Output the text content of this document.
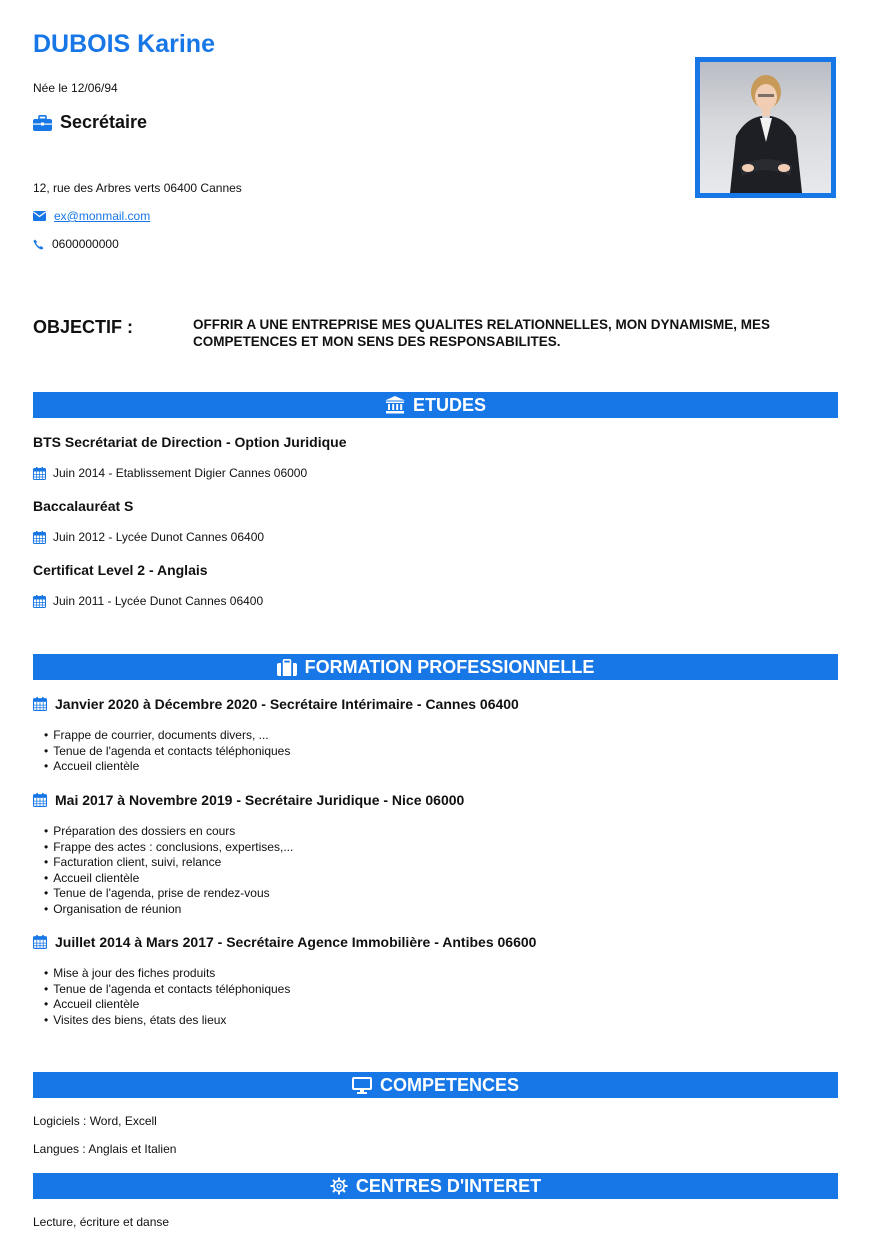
DUBOIS Karine
Née le 12/06/94
Secrétaire
12, rue des Arbres verts 06400 Cannes
ex@monmail.com
0600000000
OBJECTIF :	OFFRIR A UNE ENTREPRISE MES QUALITES RELATIONNELLES, MON DYNAMISME, MES COMPETENCES ET MON SENS DES RESPONSABILITES.
ETUDES
BTS Secrétariat de Direction - Option Juridique
Juin 2014 - Etablissement Digier Cannes 06000
Baccalauréat S
Juin 2012 - Lycée Dunot Cannes 06400
Certificat Level 2 - Anglais
Juin 2011 - Lycée Dunot Cannes 06400
FORMATION PROFESSIONNELLE
Janvier 2020 à Décembre 2020 - Secrétaire Intérimaire - Cannes 06400
• Frappe de courrier, documents divers, ...
• Tenue de l'agenda et contacts téléphoniques
• Accueil clientèle
Mai 2017 à Novembre 2019 - Secrétaire Juridique - Nice 06000
• Préparation des dossiers en cours
• Frappe des actes : conclusions, expertises,...
• Facturation client, suivi, relance
• Accueil clientèle
• Tenue de l'agenda, prise de rendez-vous
• Organisation de réunion
Juillet 2014 à Mars 2017 - Secrétaire Agence Immobilière - Antibes 06600
• Mise à jour des fiches produits
• Tenue de l'agenda et contacts téléphoniques
• Accueil clientèle
• Visites des biens, états des lieux
COMPETENCES
Logiciels : Word, Excell
Langues : Anglais et Italien
CENTRES D'INTERET
Lecture, écriture et danse
